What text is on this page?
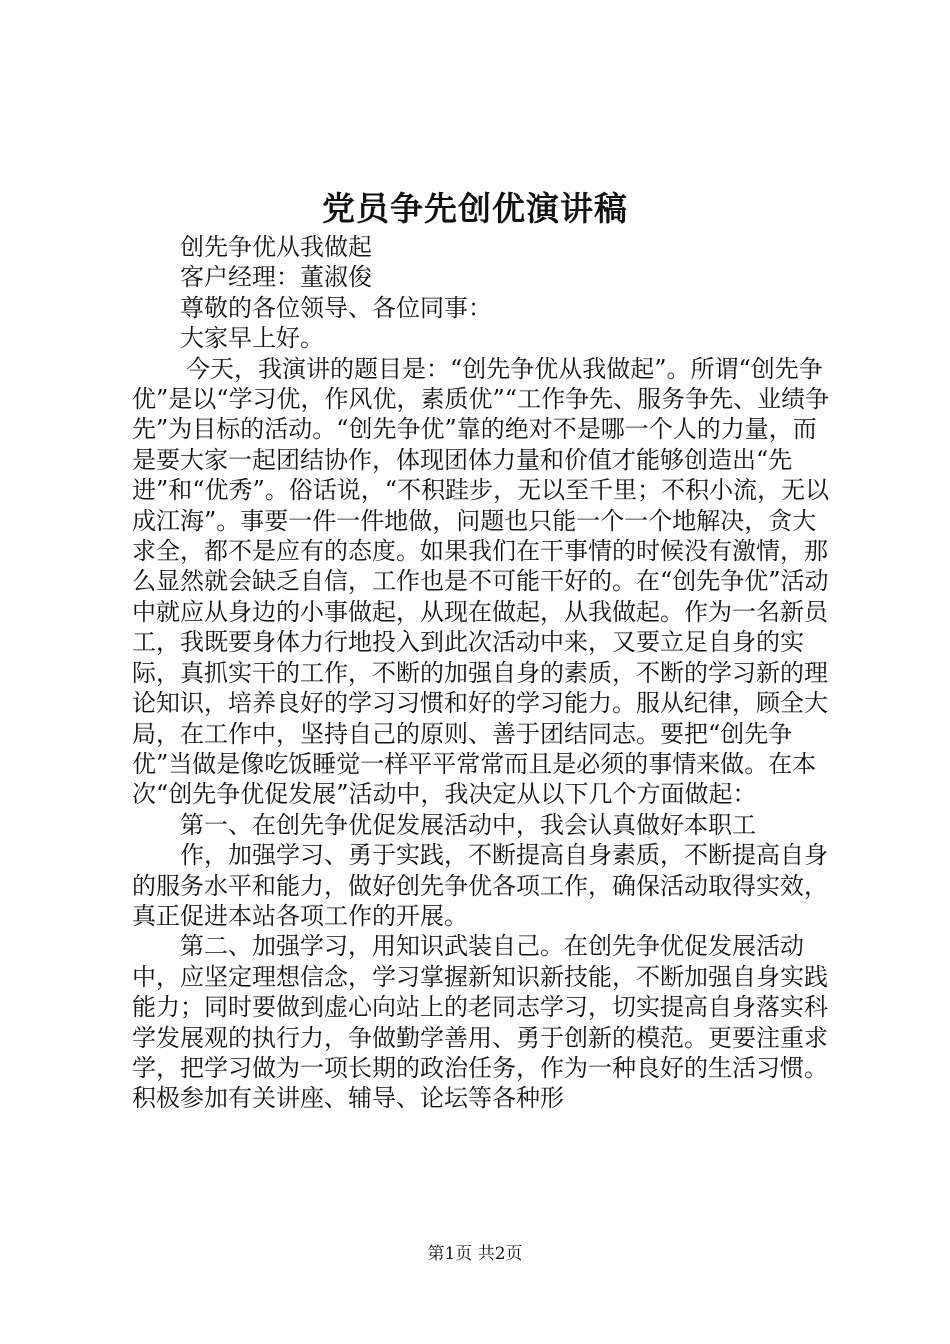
党员争先创优演讲稿

创先争优从我做起

客户经理：董淑俊

尊敬的各位领导、各位同事：

大家早上好。

今天，我演讲的题目是：“创先争优从我做起”。所谓“创先争优”是以“学习优，作风优，素质优”“工作争先、服务争先、业绩争先”为目标的活动。“创先争优”靠的绝对不是哪一个人的力量，而是要大家一起团结协作，体现团体力量和价值才能够创造出“先进”和“优秀”。俗话说，“不积跬步，无以至千里；不积小流，无以成江海”。事要一件一件地做，问题也只能一个一个地解决，贪大求全，都不是应有的态度。如果我们在干事情的时候没有激情，那么显然就会缺乏自信，工作也是不可能干好的。在“创先争优”活动中就应从身边的小事做起，从现在做起，从我做起。作为一名新员工，我既要身体力行地投入到此次活动中来，又要立足自身的实际，真抓实干的工作，不断的加强自身的素质，不断的学习新的理论知识，培养良好的学习习惯和好的学习能力。服从纪律，顾全大局，在工作中，坚持自己的原则、善于团结同志。要把“创先争优”当做是像吃饭睡觉一样平平常常而且是必须的事情来做。在本次“创先争优促发展”活动中，我决定从以下几个方面做起：

第一、在创先争优促发展活动中，我会认真做好本职工

作，加强学习、勇于实践，不断提高自身素质，不断提高自身的服务水平和能力，做好创先争优各项工作，确保活动取得实效，真正促进本站各项工作的开展。

第二、加强学习，用知识武装自己。在创先争优促发展活动中，应坚定理想信念，学习掌握新知识新技能，不断加强自身实践能力；同时要做到虚心向站上的老同志学习，切实提高自身落实科学发展观的执行力，争做勤学善用、勇于创新的模范。更要注重求学，把学习做为一项长期的政治任务，作为一种良好的生活习惯。积极参加有关讲座、辅导、论坛等各种形

第1页 共2页
